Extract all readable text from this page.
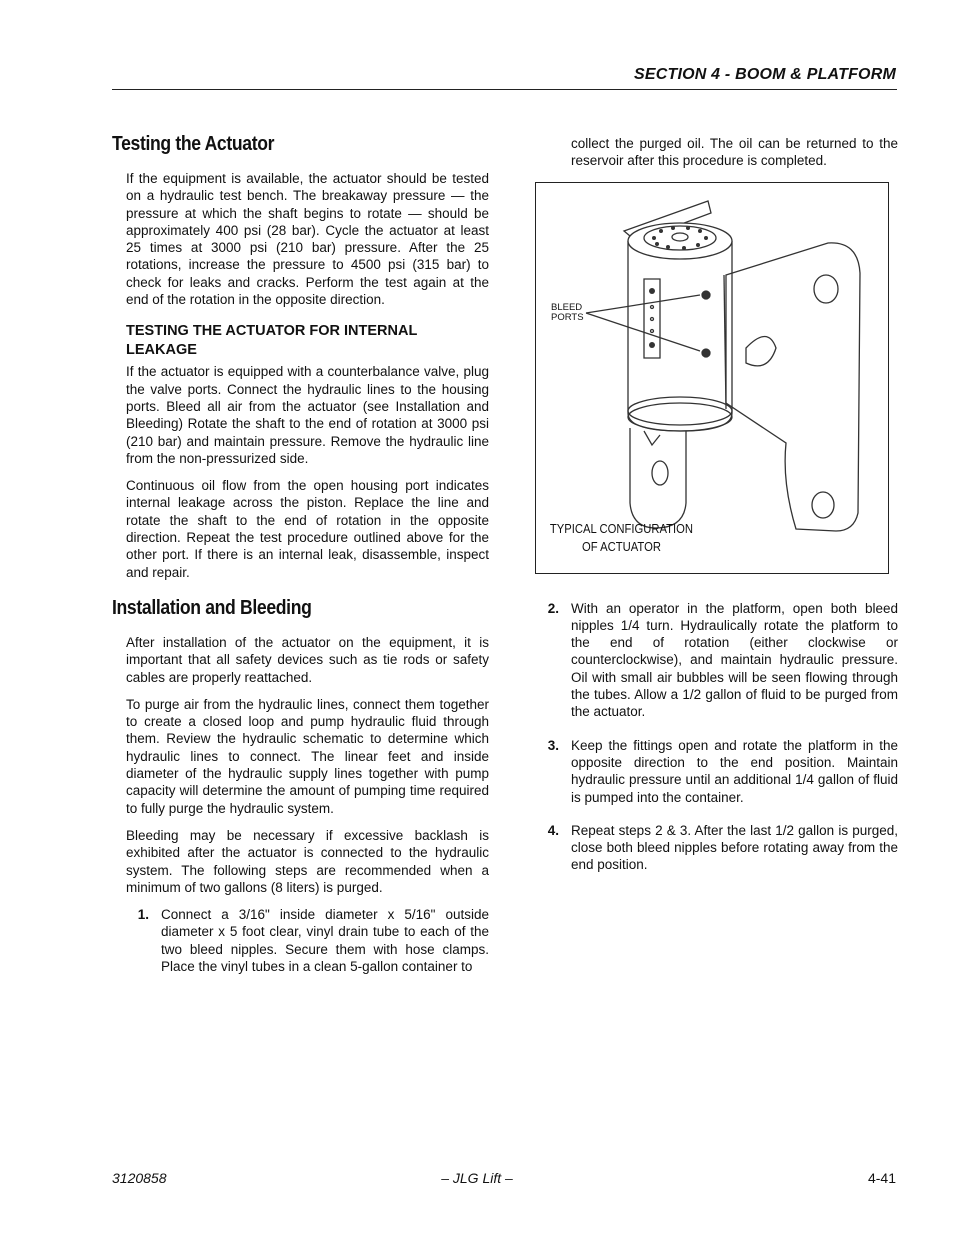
SECTION 4 - BOOM & PLATFORM
Testing the Actuator

If the equipment is available, the actuator should be tested on a hydraulic test bench. The breakaway pressure — the pressure at which the shaft begins to rotate — should be approximately 400 psi (28 bar). Cycle the actuator at least 25 times at 3000 psi (210 bar) pressure. After the 25 rotations, increase the pressure to 4500 psi (315 bar) to check for leaks and cracks. Perform the test again at the end of the rotation in the opposite direction.

TESTING THE ACTUATOR FOR INTERNAL LEAKAGE

If the actuator is equipped with a counterbalance valve, plug the valve ports. Connect the hydraulic lines to the housing ports. Bleed all air from the actuator (see Installation and Bleeding) Rotate the shaft to the end of rotation at 3000 psi (210 bar) and maintain pressure. Remove the hydraulic line from the non-pressurized side.

Continuous oil flow from the open housing port indicates internal leakage across the piston. Replace the line and rotate the shaft to the end of rotation in the opposite direction. Repeat the test procedure outlined above for the other port. If there is an internal leak, disassemble, inspect and repair.

Installation and Bleeding

After installation of the actuator on the equipment, it is important that all safety devices such as tie rods or safety cables are properly reattached.

To purge air from the hydraulic lines, connect them together to create a closed loop and pump hydraulic fluid through them. Review the hydraulic schematic to determine which hydraulic lines to connect. The linear feet and inside diameter of the hydraulic supply lines together with pump capacity will determine the amount of pumping time required to fully purge the hydraulic system.

Bleeding may be necessary if excessive backlash is exhibited after the actuator is connected to the hydraulic system. The following steps are recommended when a minimum of two gallons (8 liters) is purged.

1. Connect a 3/16" inside diameter x 5/16" outside diameter x 5 foot clear, vinyl drain tube to each of the two bleed nipples. Secure them with hose clamps. Place the vinyl tubes in a clean 5-gallon container to

collect the purged oil. The oil can be returned to the reservoir after this procedure is completed.

BLEED
PORTS
TYPICAL CONFIGURATION
OF ACTUATOR
2. With an operator in the platform, open both bleed nipples 1/4 turn. Hydraulically rotate the platform to the end of rotation (either clockwise or counterclockwise), and maintain hydraulic pressure. Oil with small air bubbles will be seen flowing through the tubes. Allow a 1/2 gallon of fluid to be purged from the actuator.
3. Keep the fittings open and rotate the platform in the opposite direction to the end position. Maintain hydraulic pressure until an additional 1/4 gallon of fluid is pumped into the container.
4. Repeat steps 2 & 3. After the last 1/2 gallon is purged, close both bleed nipples before rotating away from the end position.
3120858	– JLG Lift –	4-41
